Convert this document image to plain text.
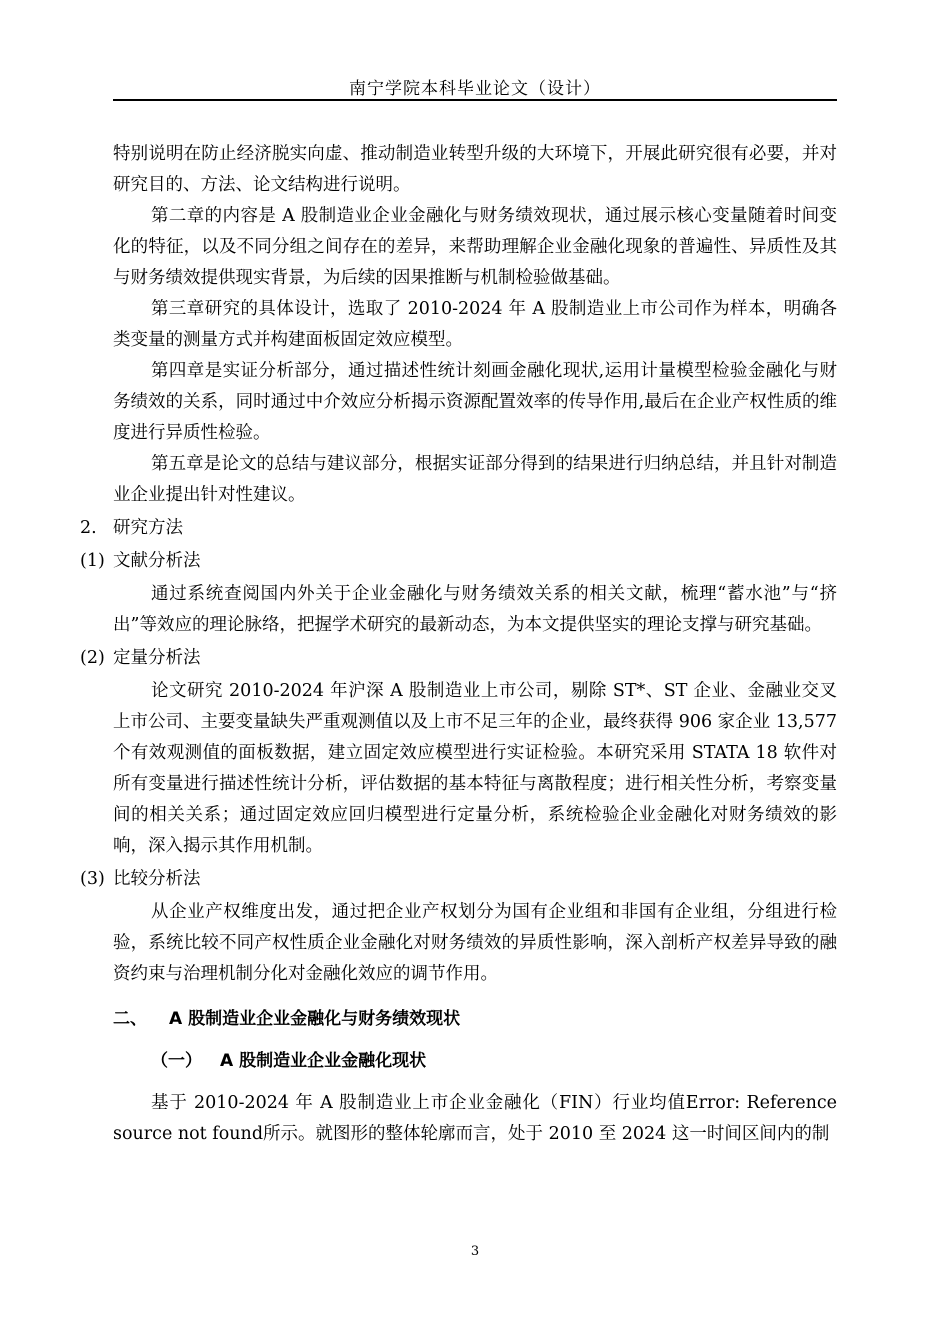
南宁学院本科毕业论文（设计）

特别说明在防止经济脱实向虚、推动制造业转型升级的大环境下，开展此研究很有必要，并对研究目的、方法、论文结构进行说明。

第二章的内容是 A 股制造业企业金融化与财务绩效现状，通过展示核心变量随着时间变化的特征，以及不同分组之间存在的差异，来帮助理解企业金融化现象的普遍性、异质性及其与财务绩效提供现实背景，为后续的因果推断与机制检验做基础。

第三章研究的具体设计，选取了 2010-2024 年 A 股制造业上市公司作为样本，明确各类变量的测量方式并构建面板固定效应模型。

第四章是实证分析部分，通过描述性统计刻画金融化现状,运用计量模型检验金融化与财务绩效的关系，同时通过中介效应分析揭示资源配置效率的传导作用,最后在企业产权性质的维度进行异质性检验。

第五章是论文的总结与建议部分，根据实证部分得到的结果进行归纳总结，并且针对制造业企业提出针对性建议。

2. 研究方法
(1) 文献分析法

通过系统查阅国内外关于企业金融化与财务绩效关系的相关文献，梳理“蓄水池”与“挤出”等效应的理论脉络，把握学术研究的最新动态，为本文提供坚实的理论支撑与研究基础。

(2) 定量分析法

论文研究 2010-2024 年沪深 A 股制造业上市公司，剔除 ST*、ST 企业、金融业交叉上市公司、主要变量缺失严重观测值以及上市不足三年的企业，最终获得 906 家企业 13,577 个有效观测值的面板数据，建立固定效应模型进行实证检验。本研究采用 STATA 18 软件对所有变量进行描述性统计分析，评估数据的基本特征与离散程度；进行相关性分析，考察变量间的相关关系；通过固定效应回归模型进行定量分析，系统检验企业金融化对财务绩效的影响，深入揭示其作用机制。

(3) 比较分析法

从企业产权维度出发，通过把企业产权划分为国有企业组和非国有企业组，分组进行检验，系统比较不同产权性质企业金融化对财务绩效的异质性影响，深入剖析产权差异导致的融资约束与治理机制分化对金融化效应的调节作用。

二、 A 股制造业企业金融化与财务绩效现状
（一） A 股制造业企业金融化现状

基于 2010-2024 年 A 股制造业上市企业金融化（FIN）行业均值Error: Reference source not found所示。就图形的整体轮廓而言，处于 2010 至 2024 这一时间区间内的制

3
